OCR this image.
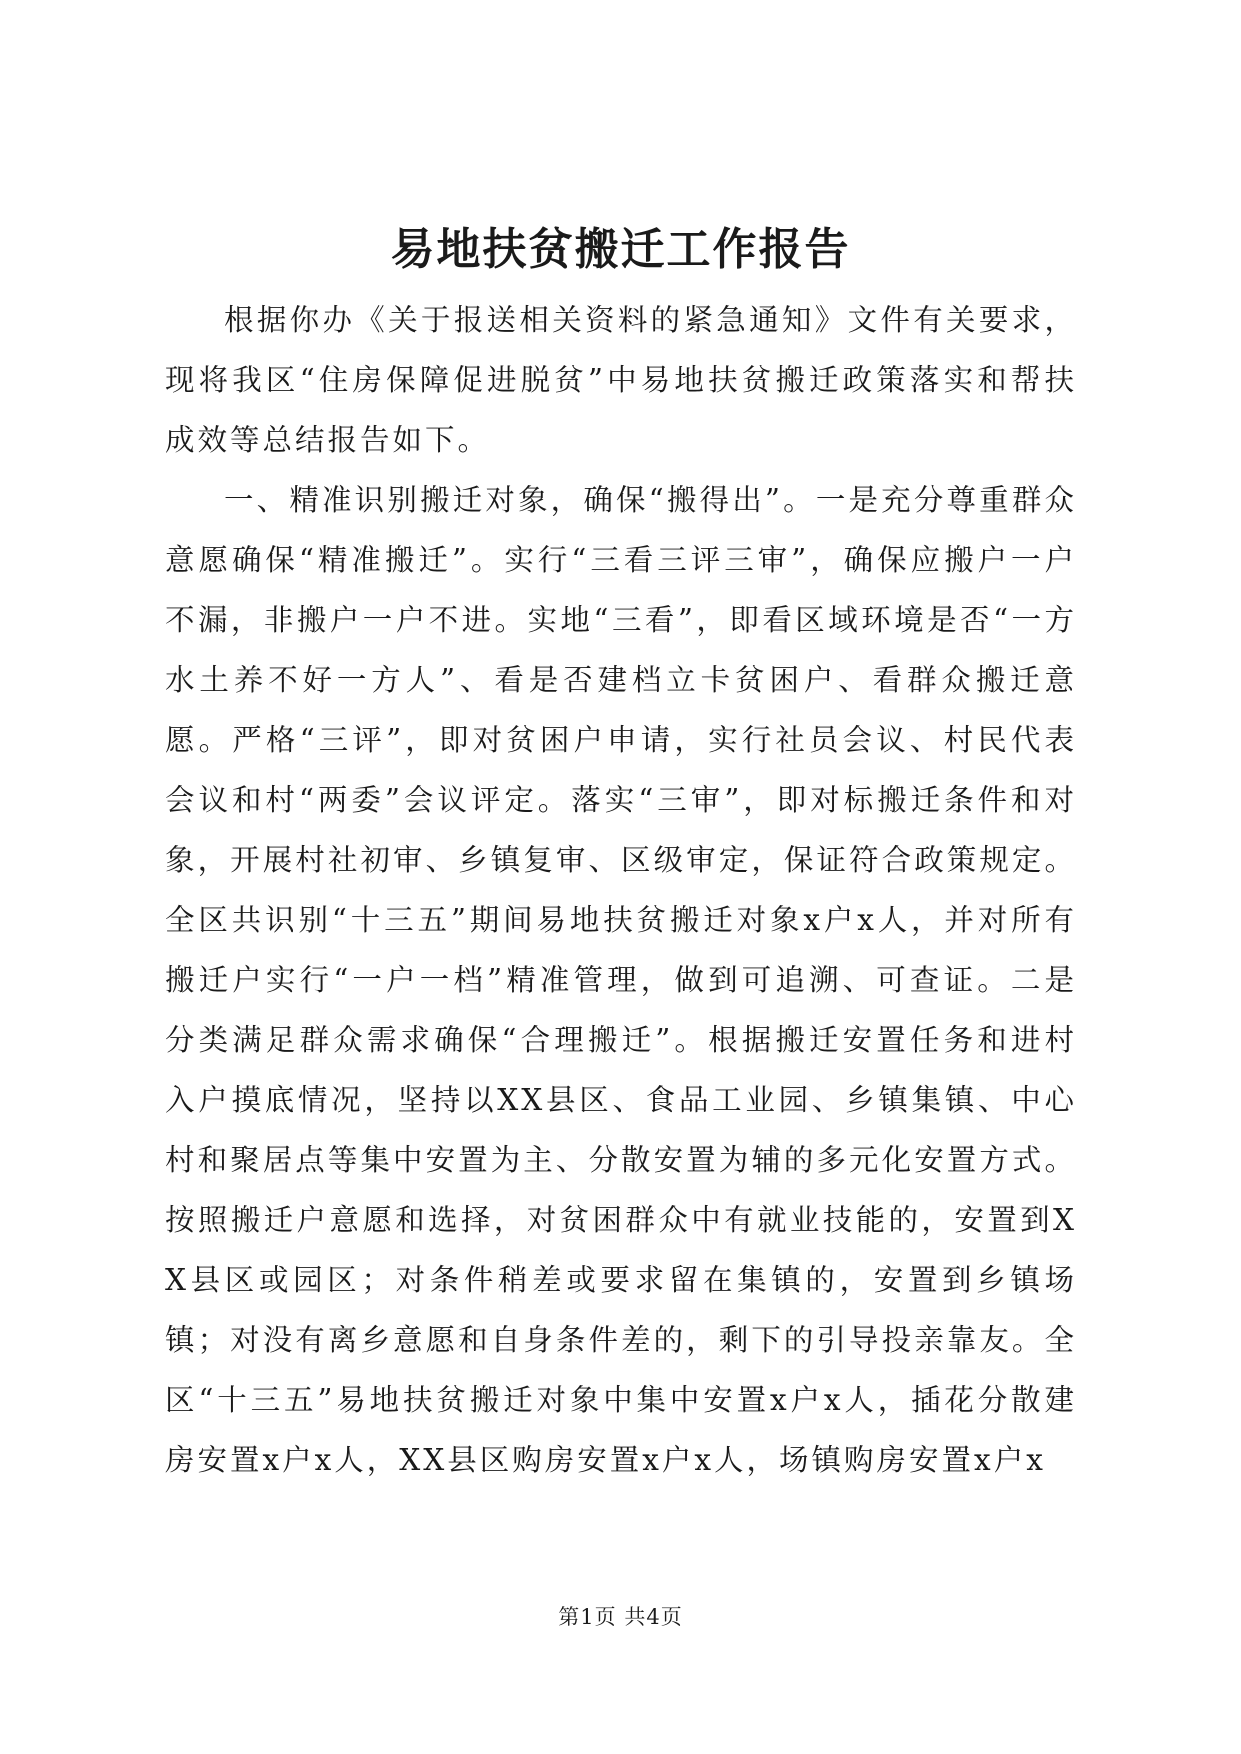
易地扶贫搬迁工作报告

根据你办《关于报送相关资料的紧急通知》文件有关要求，现将我区“住房保障促进脱贫”中易地扶贫搬迁政策落实和帮扶成效等总结报告如下。

一、精准识别搬迁对象，确保“搬得出”。一是充分尊重群众意愿确保“精准搬迁”。实行“三看三评三审”，确保应搬户一户不漏，非搬户一户不进。实地“三看”，即看区域环境是否“一方水土养不好一方人”、看是否建档立卡贫困户、看群众搬迁意愿。严格“三评”，即对贫困户申请，实行社员会议、村民代表会议和村“两委”会议评定。落实“三审”，即对标搬迁条件和对象，开展村社初审、乡镇复审、区级审定，保证符合政策规定。全区共识别“十三五”期间易地扶贫搬迁对象x户x人，并对所有搬迁户实行“一户一档”精准管理，做到可追溯、可查证。二是分类满足群众需求确保“合理搬迁”。根据搬迁安置任务和进村入户摸底情况，坚持以XX县区、食品工业园、乡镇集镇、中心村和聚居点等集中安置为主、分散安置为辅的多元化安置方式。按照搬迁户意愿和选择，对贫困群众中有就业技能的，安置到XX县区或园区；对条件稍差或要求留在集镇的，安置到乡镇场镇；对没有离乡意愿和自身条件差的，剩下的引导投亲靠友。全区“十三五”易地扶贫搬迁对象中集中安置x户x人，插花分散建房安置x户x人，XX县区购房安置x户x人，场镇购房安置x户x

第1页 共4页
